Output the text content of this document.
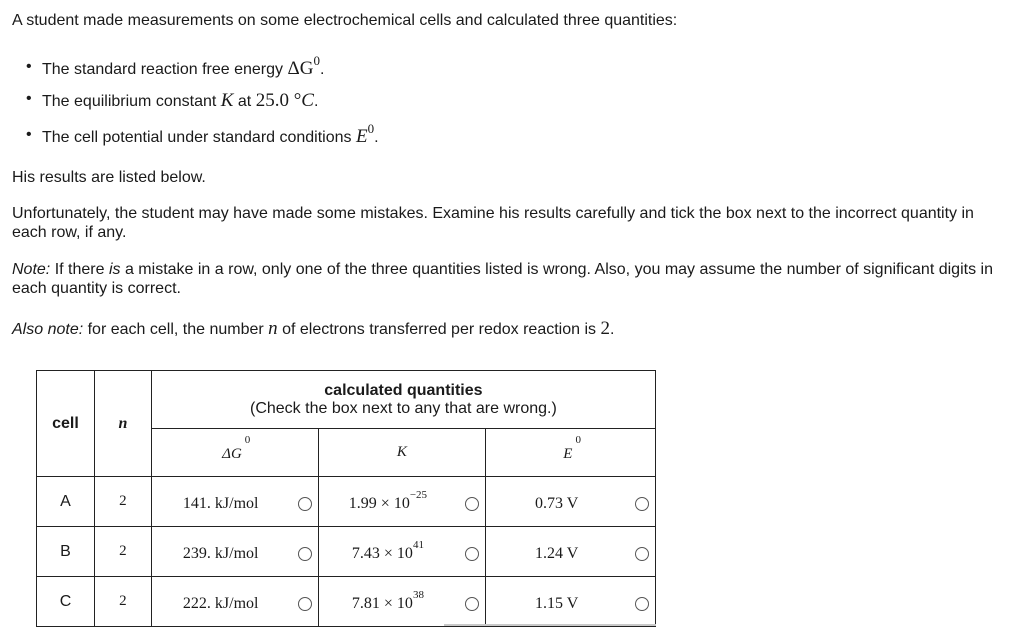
A student made measurements on some electrochemical cells and calculated three quantities:

• The standard reaction free energy $\Delta G^0$.
• The equilibrium constant K at 25.0 °C.
• The cell potential under standard conditions $E^0$.

His results are listed below.

Unfortunately, the student may have made some mistakes. Examine his results carefully and tick the box next to the incorrect quantity in each row, if any.

Note: If there is a mistake in a row, only one of the three quantities listed is wrong. Also, you may assume the number of significant digits in each quantity is correct.

Also note: for each cell, the number n of electrons transferred per redox reaction is 2.

cell	n	calculated quantities
(Check the box next to any that are wrong.)		

		$\Delta G^0$	K	$E^0$
A	2	141. kJ/mol	$1.99 \times 10^{-25}$	0.73 V

B	2	239. kJ/mol	$7.43 \times 10^{41}$	1.24 V

C	2	222. kJ/mol	$7.81 \times 10^{38}$	1.15 V
